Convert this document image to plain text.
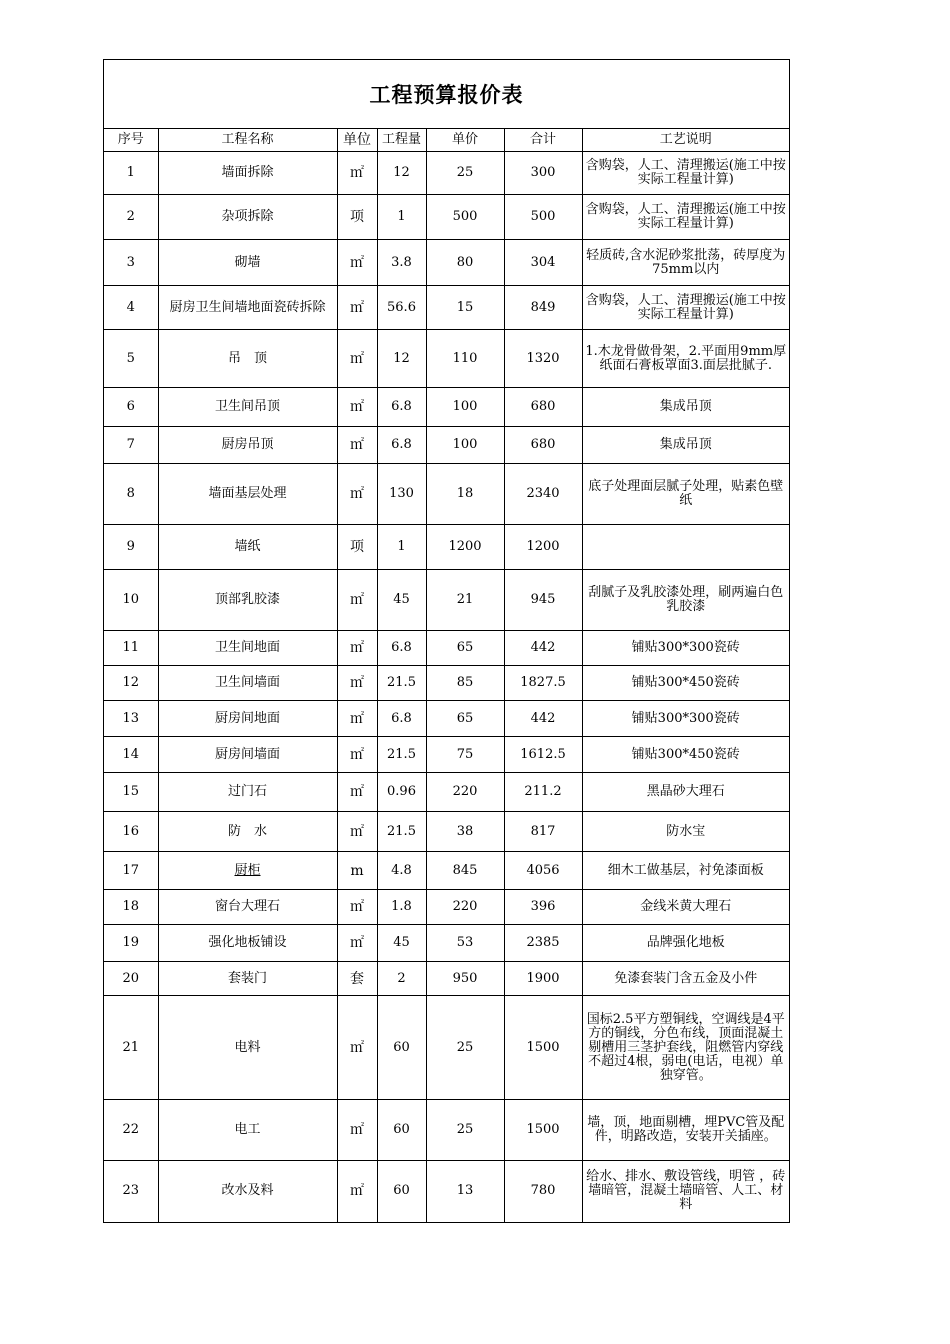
工程预算报价表
序号	工程名称	单位	工程量	单价	合计	工艺说明
1	墙面拆除	㎡	12	25	300	含购袋，人工、清理搬运(施工中按实际工程量计算)
2	杂项拆除	项	1	500	500	含购袋，人工、清理搬运(施工中按实际工程量计算)
3	砌墙	㎡	3.8	80	304	轻质砖,含水泥砂浆批荡，砖厚度为75mm以内
4	厨房卫生间墙地面瓷砖拆除	㎡	56.6	15	849	含购袋，人工、清理搬运(施工中按实际工程量计算)
5	吊　顶	㎡	12	110	1320	1.木龙骨做骨架，2.平面用9mm厚纸面石膏板罩面3.面层批腻子.
6	卫生间吊顶	㎡	6.8	100	680	集成吊顶
7	厨房吊顶	㎡	6.8	100	680	集成吊顶
8	墙面基层处理	㎡	130	18	2340	底子处理面层腻子处理，贴素色壁纸
9	墙纸	项	1	1200	1200	
10	顶部乳胶漆	㎡	45	21	945	刮腻子及乳胶漆处理，刷两遍白色乳胶漆
11	卫生间地面	㎡	6.8	65	442	铺贴300*300瓷砖
12	卫生间墙面	㎡	21.5	85	1827.5	铺贴300*450瓷砖
13	厨房间地面	㎡	6.8	65	442	铺贴300*300瓷砖
14	厨房间墙面	㎡	21.5	75	1612.5	铺贴300*450瓷砖
15	过门石	㎡	0.96	220	211.2	黑晶砂大理石
16	防　水	㎡	21.5	38	817	防水宝
17	厨柜	m	4.8	845	4056	细木工做基层，衬免漆面板
18	窗台大理石	㎡	1.8	220	396	金线米黄大理石
19	强化地板铺设	㎡	45	53	2385	品牌强化地板
20	套装门	套	2	950	1900	免漆套装门含五金及小件
21	电料	㎡	60	25	1500	国标2.5平方塑铜线，空调线是4平方的铜线，分色布线，顶面混凝土剔槽用三茎护套线，阻燃管内穿线不超过4根，弱电(电话，电视）单独穿管。
22	电工	㎡	60	25	1500	墙，顶，地面剔槽，埋PVC管及配件，明路改造，安装开关插座。
23	改水及料	㎡	60	13	780	给水、排水、敷设管线，明管 ，砖墙暗管，混凝土墙暗管、人工、材料
